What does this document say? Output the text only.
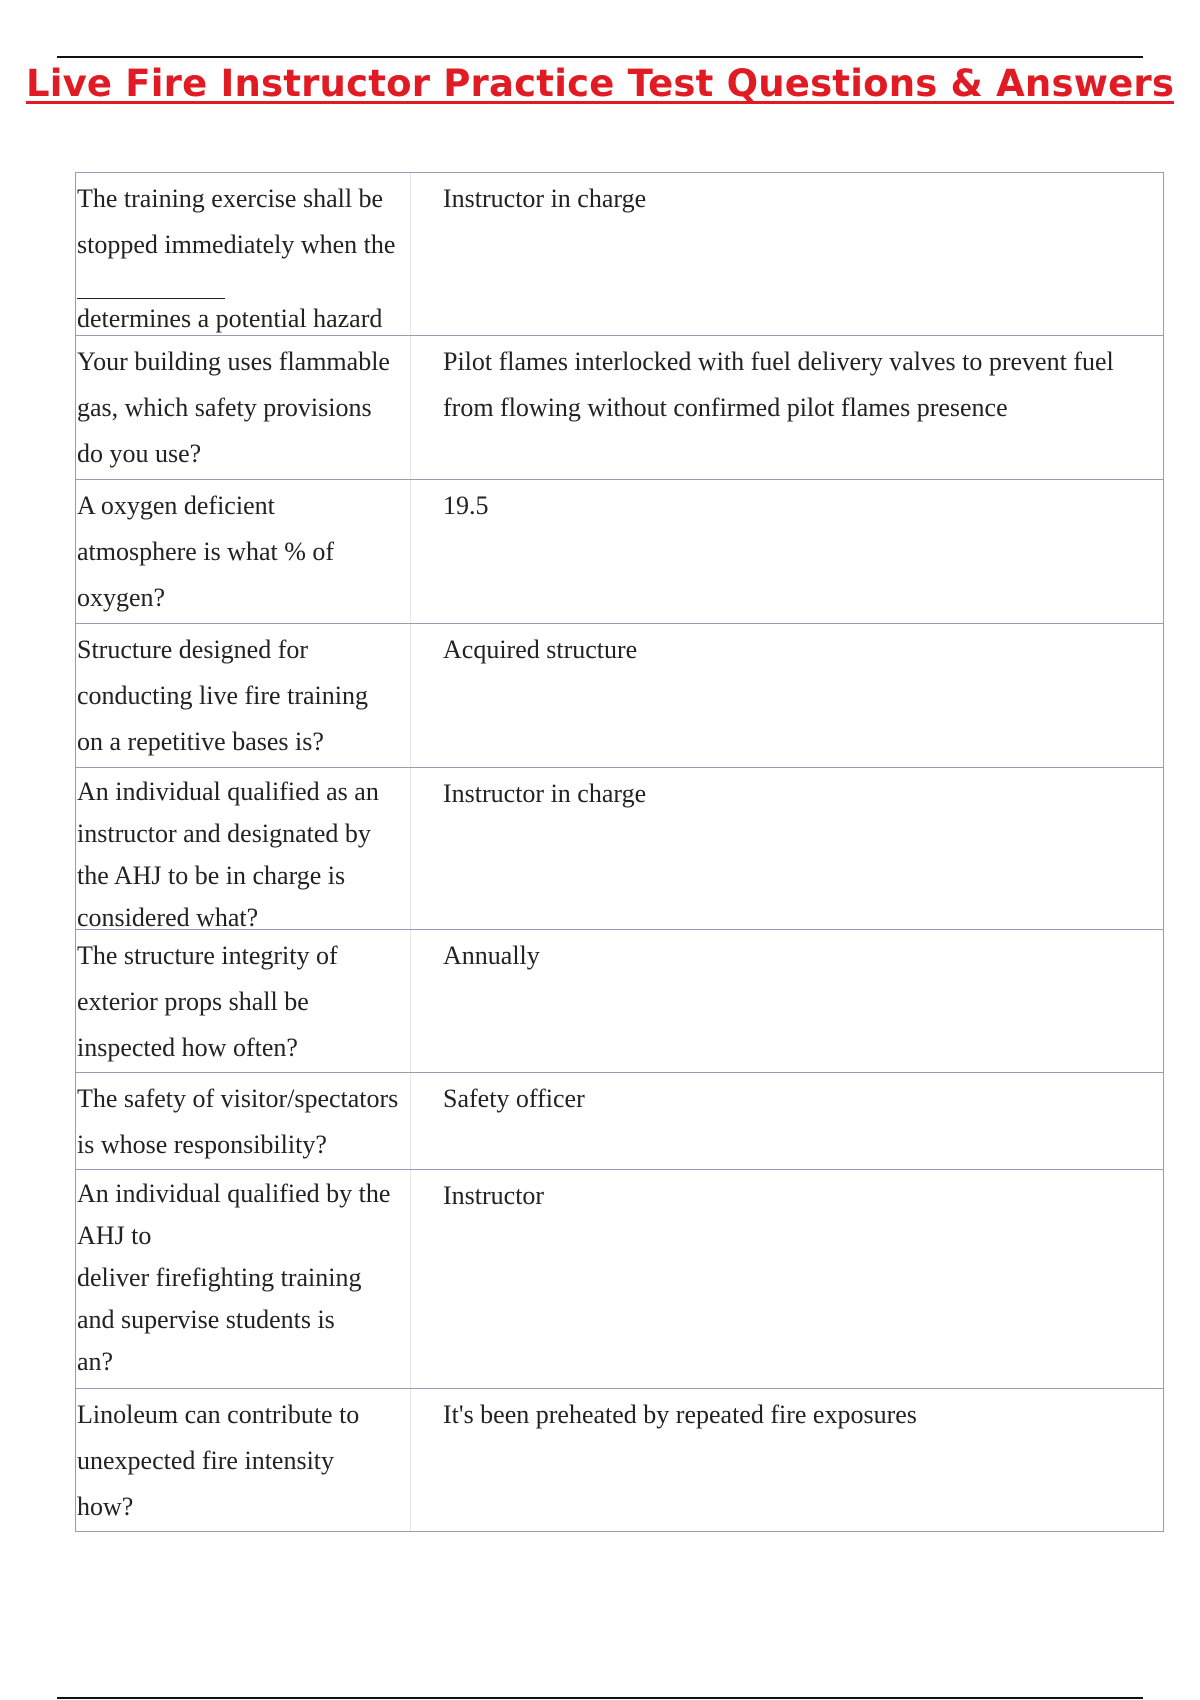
Live Fire Instructor Practice Test Questions & Answers
The training exercise shall be
stopped immediately when the
determines a potential hazard
Instructor in charge
Your building uses flammable
gas, which safety provisions
do you use?
Pilot flames interlocked with fuel delivery valves to prevent fuel from flowing without confirmed pilot flames presence
A oxygen deficient
atmosphere is what % of
oxygen?
19.5
Structure designed for
conducting live fire training
on a repetitive bases is?
Acquired structure
An individual qualified as an
instructor and designated by
the AHJ to be in charge is
considered what?
Instructor in charge
The structure integrity of
exterior props shall be
inspected how often?
Annually
The safety of visitor/spectators
is whose responsibility?
Safety officer
An individual qualified by the
AHJ to
deliver firefighting training
and supervise students is
an?
Instructor
Linoleum can contribute to
unexpected fire intensity
how?
It's been preheated by repeated fire exposures
